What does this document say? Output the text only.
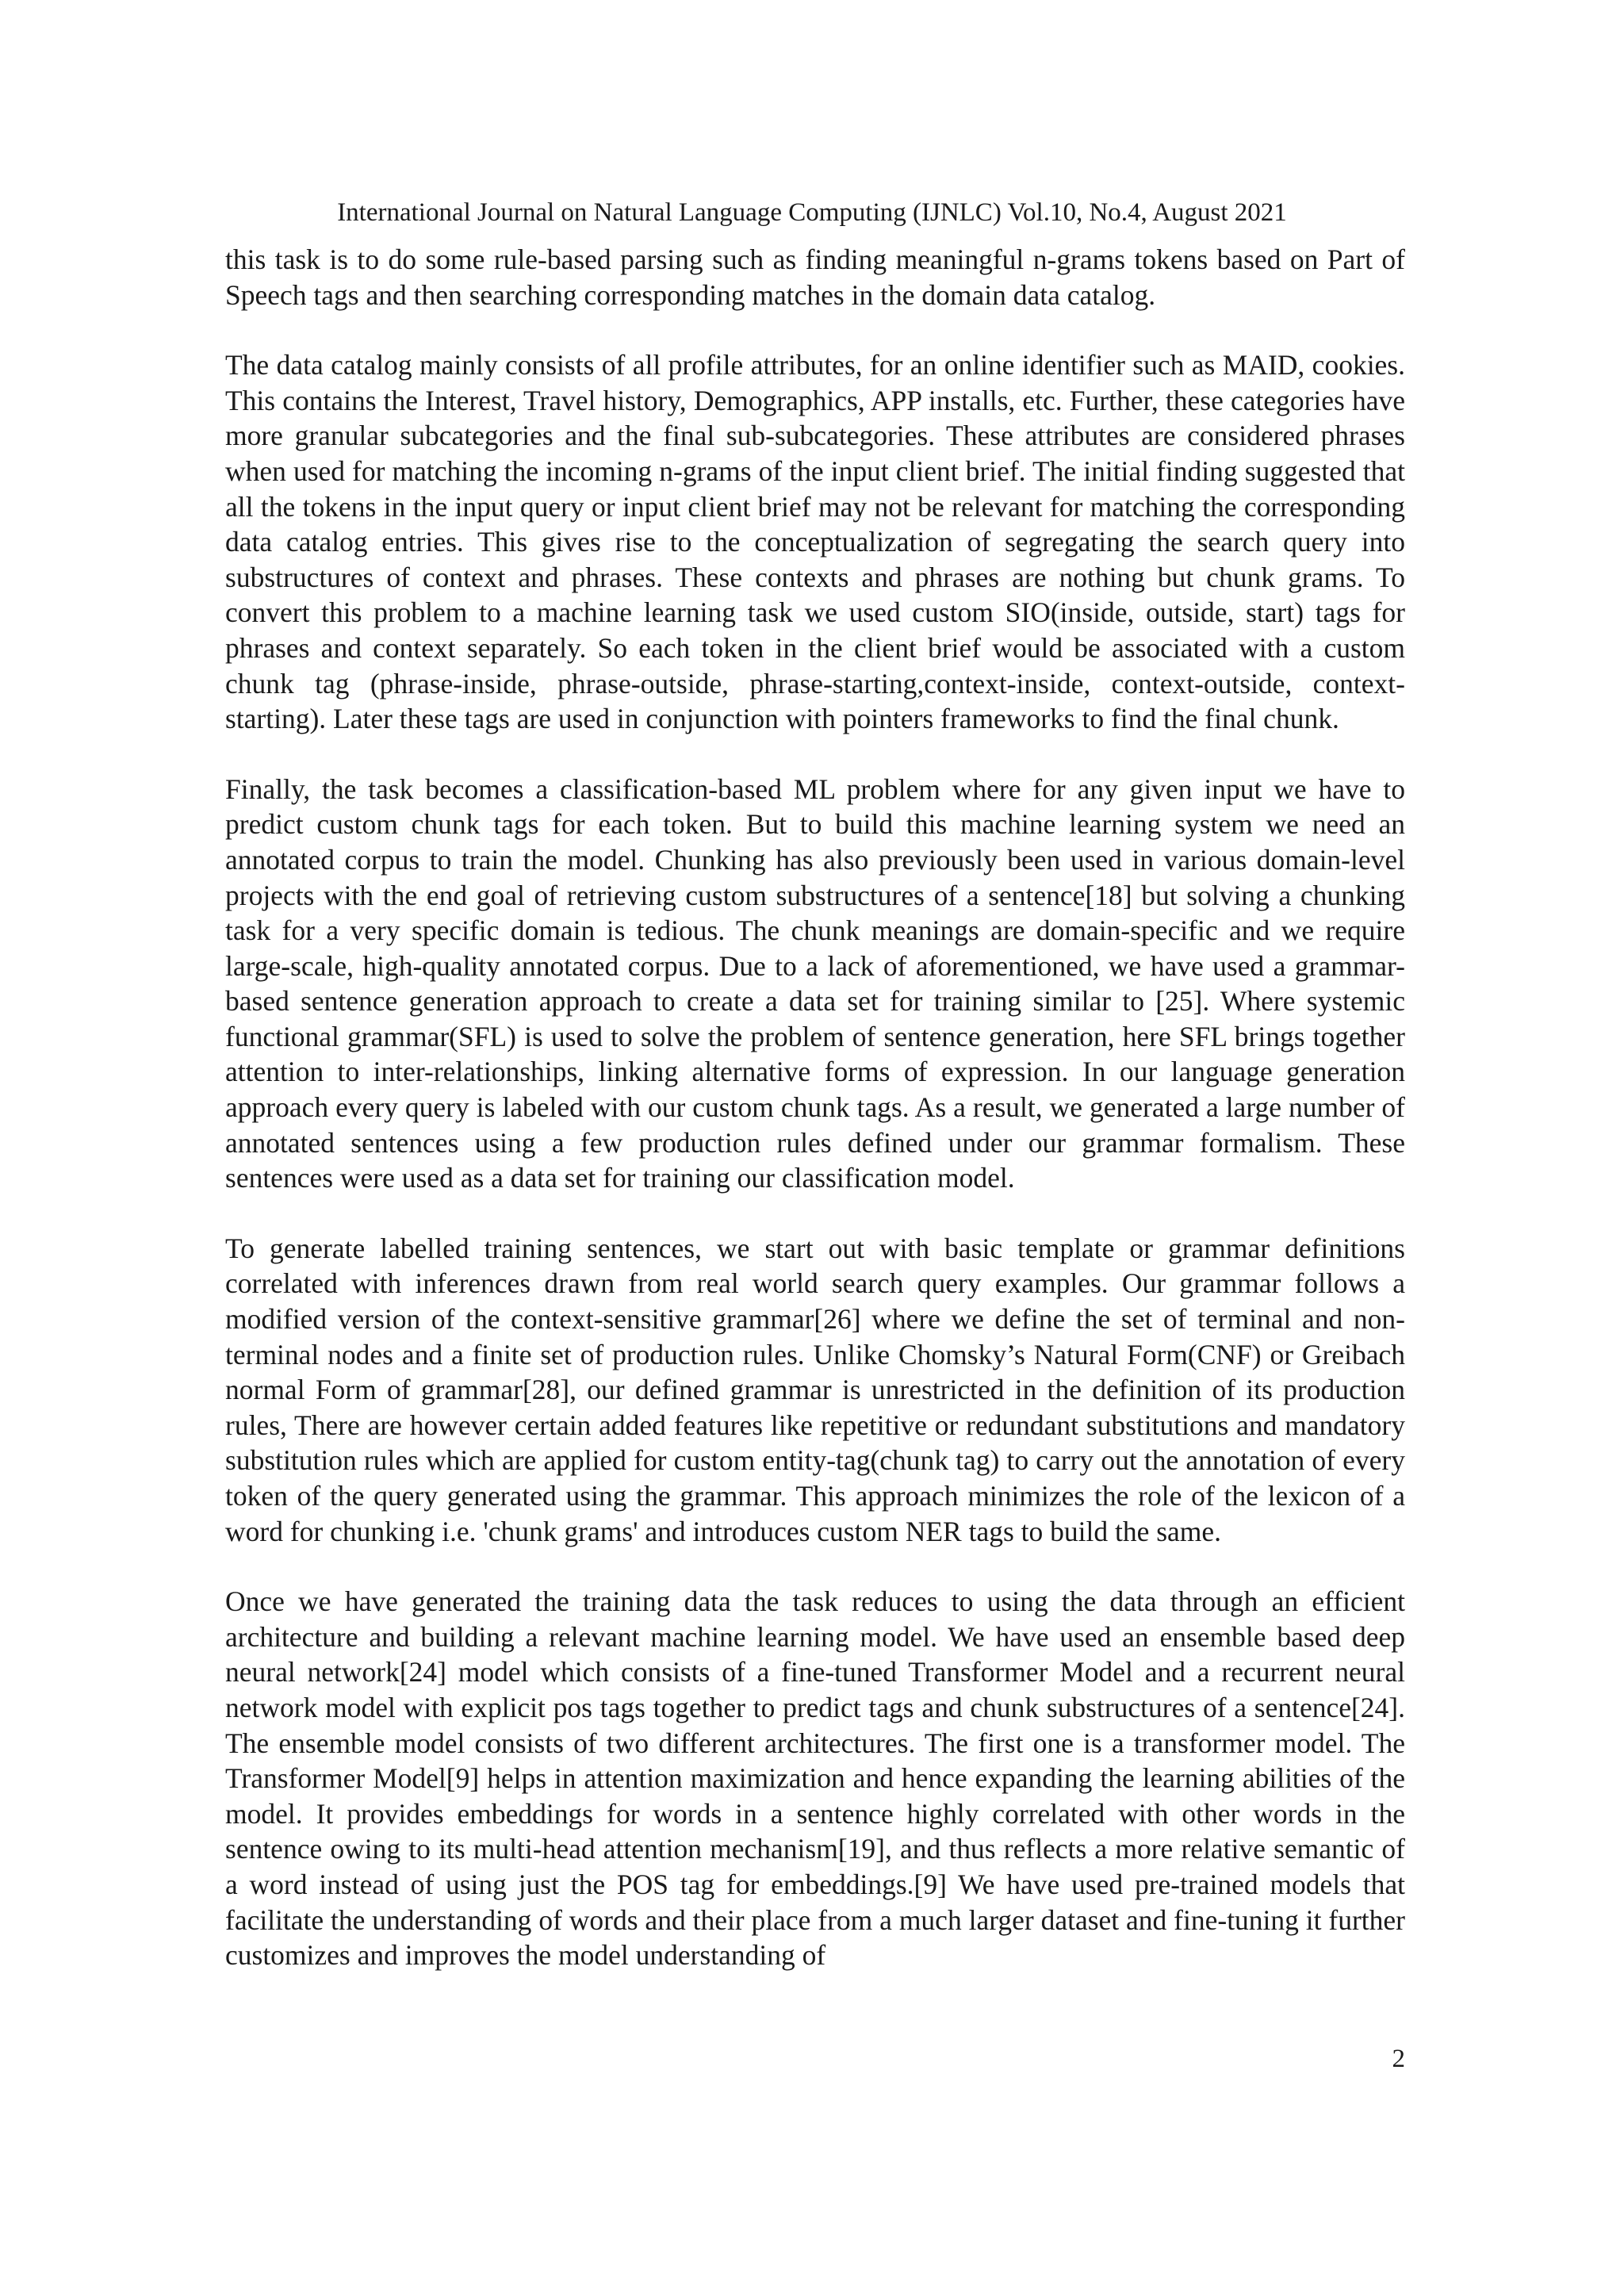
International Journal on Natural Language Computing (IJNLC) Vol.10, No.4, August 2021

this task is to do some rule-based parsing such as finding meaningful n-grams tokens based on Part of Speech tags and then searching corresponding matches in the domain data catalog.

The data catalog mainly consists of all profile attributes, for an online identifier such as MAID, cookies. This contains the Interest, Travel history, Demographics, APP installs, etc. Further, these categories have more granular subcategories and the final sub-subcategories. These attributes are considered phrases when used for matching the incoming n-grams of the input client brief. The initial finding suggested that all the tokens in the input query or input client brief may not be relevant for matching the corresponding data catalog entries. This gives rise to the conceptualization of segregating the search query into substructures of context and phrases. These contexts and phrases are nothing but chunk grams. To convert this problem to a machine learning task we used custom SIO(inside, outside, start) tags for phrases and context separately. So each token in the client brief would be associated with a custom chunk tag (phrase-inside, phrase-outside, phrase-starting,context-inside, context-outside, context-starting). Later these tags are used in conjunction with pointers frameworks to find the final chunk.

Finally, the task becomes a classification-based ML problem where for any given input we have to predict custom chunk tags for each token. But to build this machine learning system we need an annotated corpus to train the model. Chunking has also previously been used in various domain-level projects with the end goal of retrieving custom substructures of a sentence[18] but solving a chunking task for a very specific domain is tedious. The chunk meanings are domain-specific and we require large-scale, high-quality annotated corpus. Due to a lack of aforementioned, we have used a grammar-based sentence generation approach to create a data set for training similar to [25]. Where systemic functional grammar(SFL) is used to solve the problem of sentence generation, here SFL brings together attention to inter-relationships, linking alternative forms of expression. In our language generation approach every query is labeled with our custom chunk tags. As a result, we generated a large number of annotated sentences using a few production rules defined under our grammar formalism. These sentences were used as a data set for training our classification model.

To generate labelled training sentences, we start out with basic template or grammar definitions correlated with inferences drawn from real world search query examples. Our grammar follows a modified version of the context-sensitive grammar[26] where we define the set of terminal and non-terminal nodes and a finite set of production rules. Unlike Chomsky’s Natural Form(CNF) or Greibach normal Form of grammar[28], our defined grammar is unrestricted in the definition of its production rules, There are however certain added features like repetitive or redundant substitutions and mandatory substitution rules which are applied for custom entity-tag(chunk tag) to carry out the annotation of every token of the query generated using the grammar. This approach minimizes the role of the lexicon of a word for chunking i.e. 'chunk grams' and introduces custom NER tags to build the same.

Once we have generated the training data the task reduces to using the data through an efficient architecture and building a relevant machine learning model. We have used an ensemble based deep neural network[24] model which consists of a fine-tuned Transformer Model and a recurrent neural network model with explicit pos tags together to predict tags and chunk substructures of a sentence[24]. The ensemble model consists of two different architectures. The first one is a transformer model. The Transformer Model[9] helps in attention maximization and hence expanding the learning abilities of the model. It provides embeddings for words in a sentence highly correlated with other words in the sentence owing to its multi-head attention mechanism[19], and thus reflects a more relative semantic of a word instead of using just the POS tag for embeddings.[9] We have used pre-trained models that facilitate the understanding of words and their place from a much larger dataset and fine-tuning it further customizes and improves the model understanding of

2
